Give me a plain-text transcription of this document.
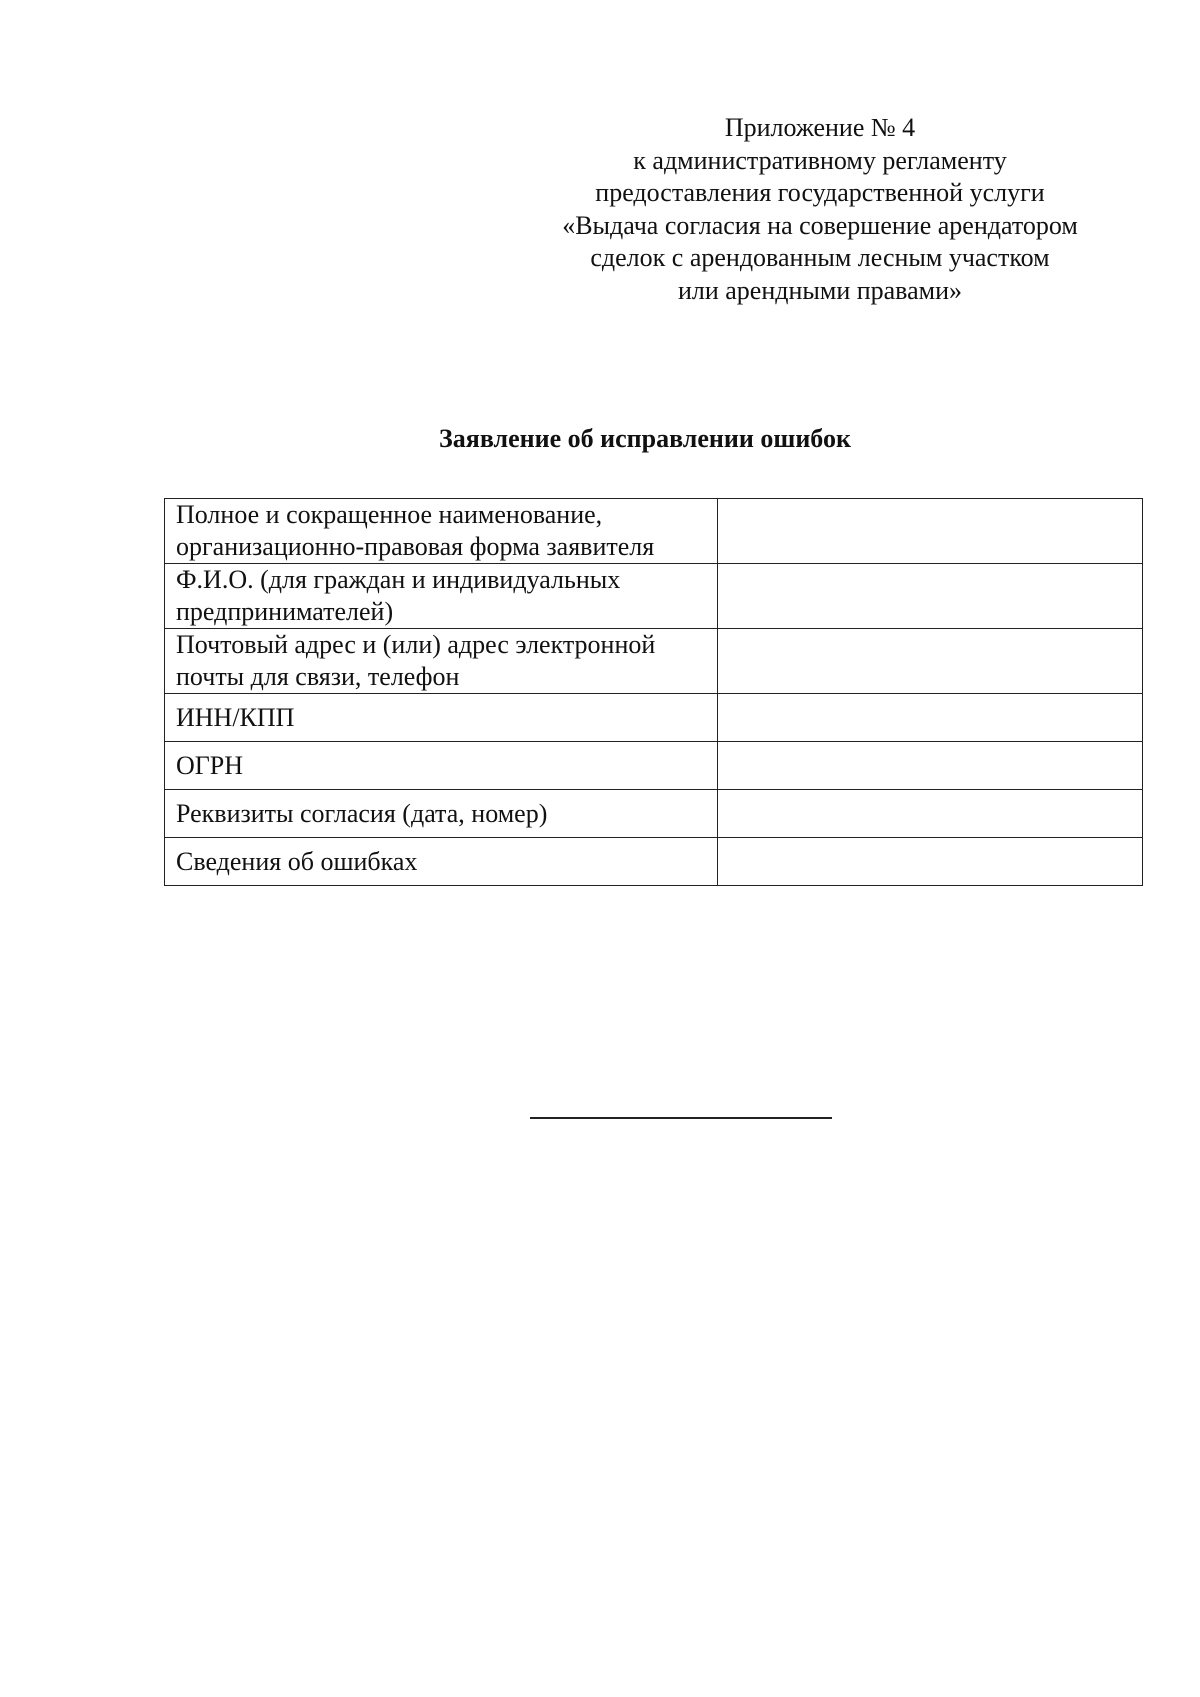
Приложение № 4
к административному регламенту
предоставления государственной услуги
«Выдача согласия на совершение арендатором
сделок с арендованным лесным участком
или арендными правами»
Заявление об исправлении ошибок
Полное и сокращенное наименование, организационно-правовая форма заявителя	
Ф.И.О. (для граждан и индивидуальных предпринимателей)	
Почтовый адрес и (или) адрес электронной почты для связи, телефон	
ИНН/КПП	
ОГРН	
Реквизиты согласия (дата, номер)	
Сведения об ошибках	
